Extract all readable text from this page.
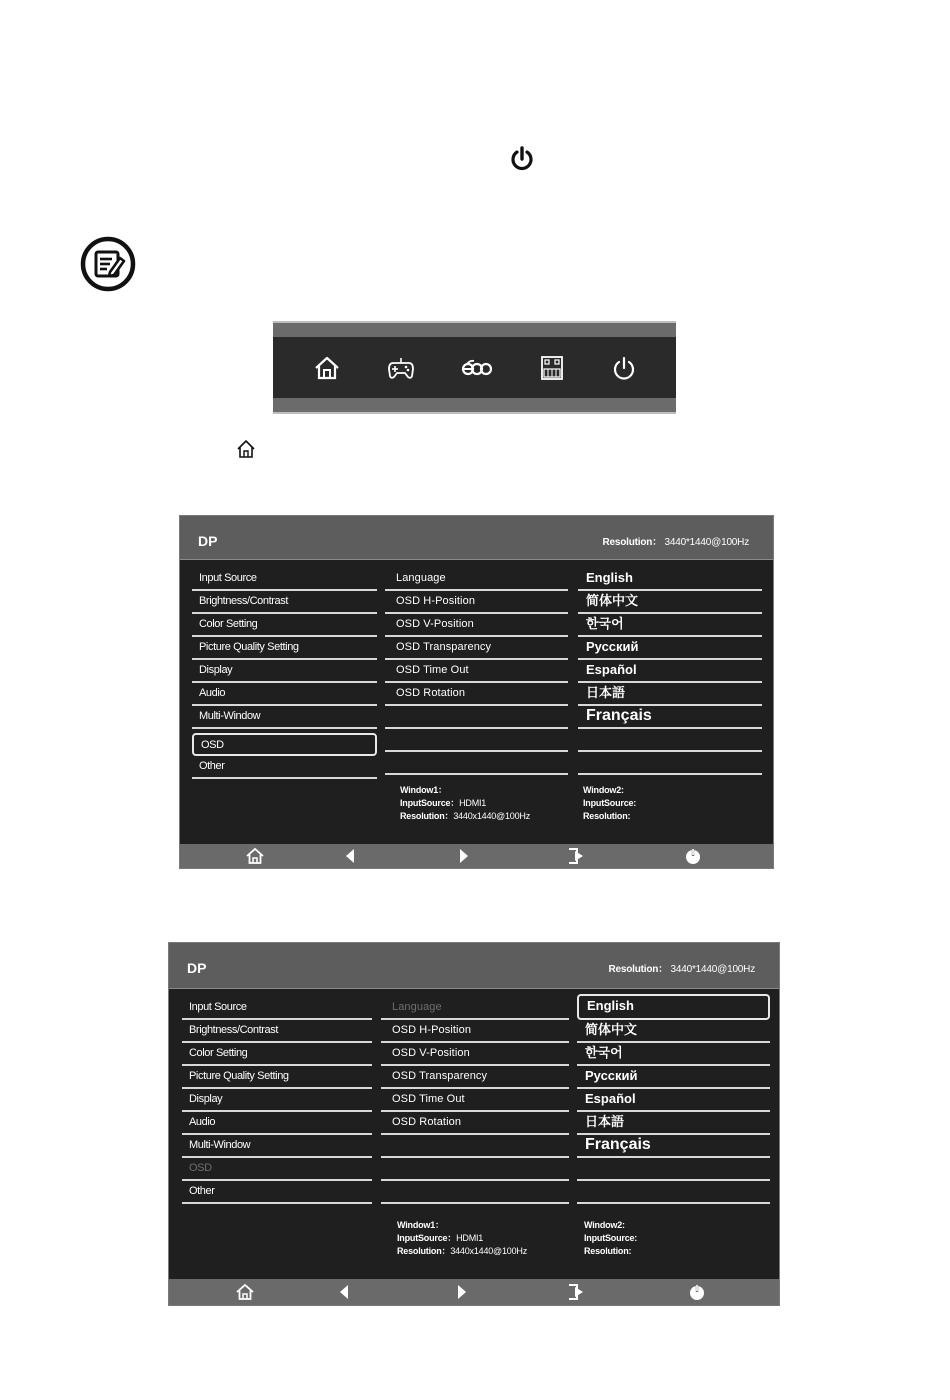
DP	Resolution： 3440*1440@100Hz
Input Source
Brightness/Contrast
Color Setting
Picture Quality Setting
Display
Audio
Multi-Window
OSD
Other
Language
OSD H-Position
OSD V-Position
OSD Transparency
OSD Time Out
OSD Rotation
English
简体中文
한국어
Русский
Español
日本語
Français
Window1：
InputSource：HDMI1
Resolution：3440x1440@100Hz
Window2:
InputSource:
Resolution:
DP	Resolution： 3440*1440@100Hz
Input Source
Brightness/Contrast
Color Setting
Picture Quality Setting
Display
Audio
Multi-Window
OSD
Other
Language
OSD H-Position
OSD V-Position
OSD Transparency
OSD Time Out
OSD Rotation
English
简体中文
한국어
Русский
Español
日本語
Français
Window1：
InputSource：HDMI1
Resolution：3440x1440@100Hz
Window2:
InputSource:
Resolution:
